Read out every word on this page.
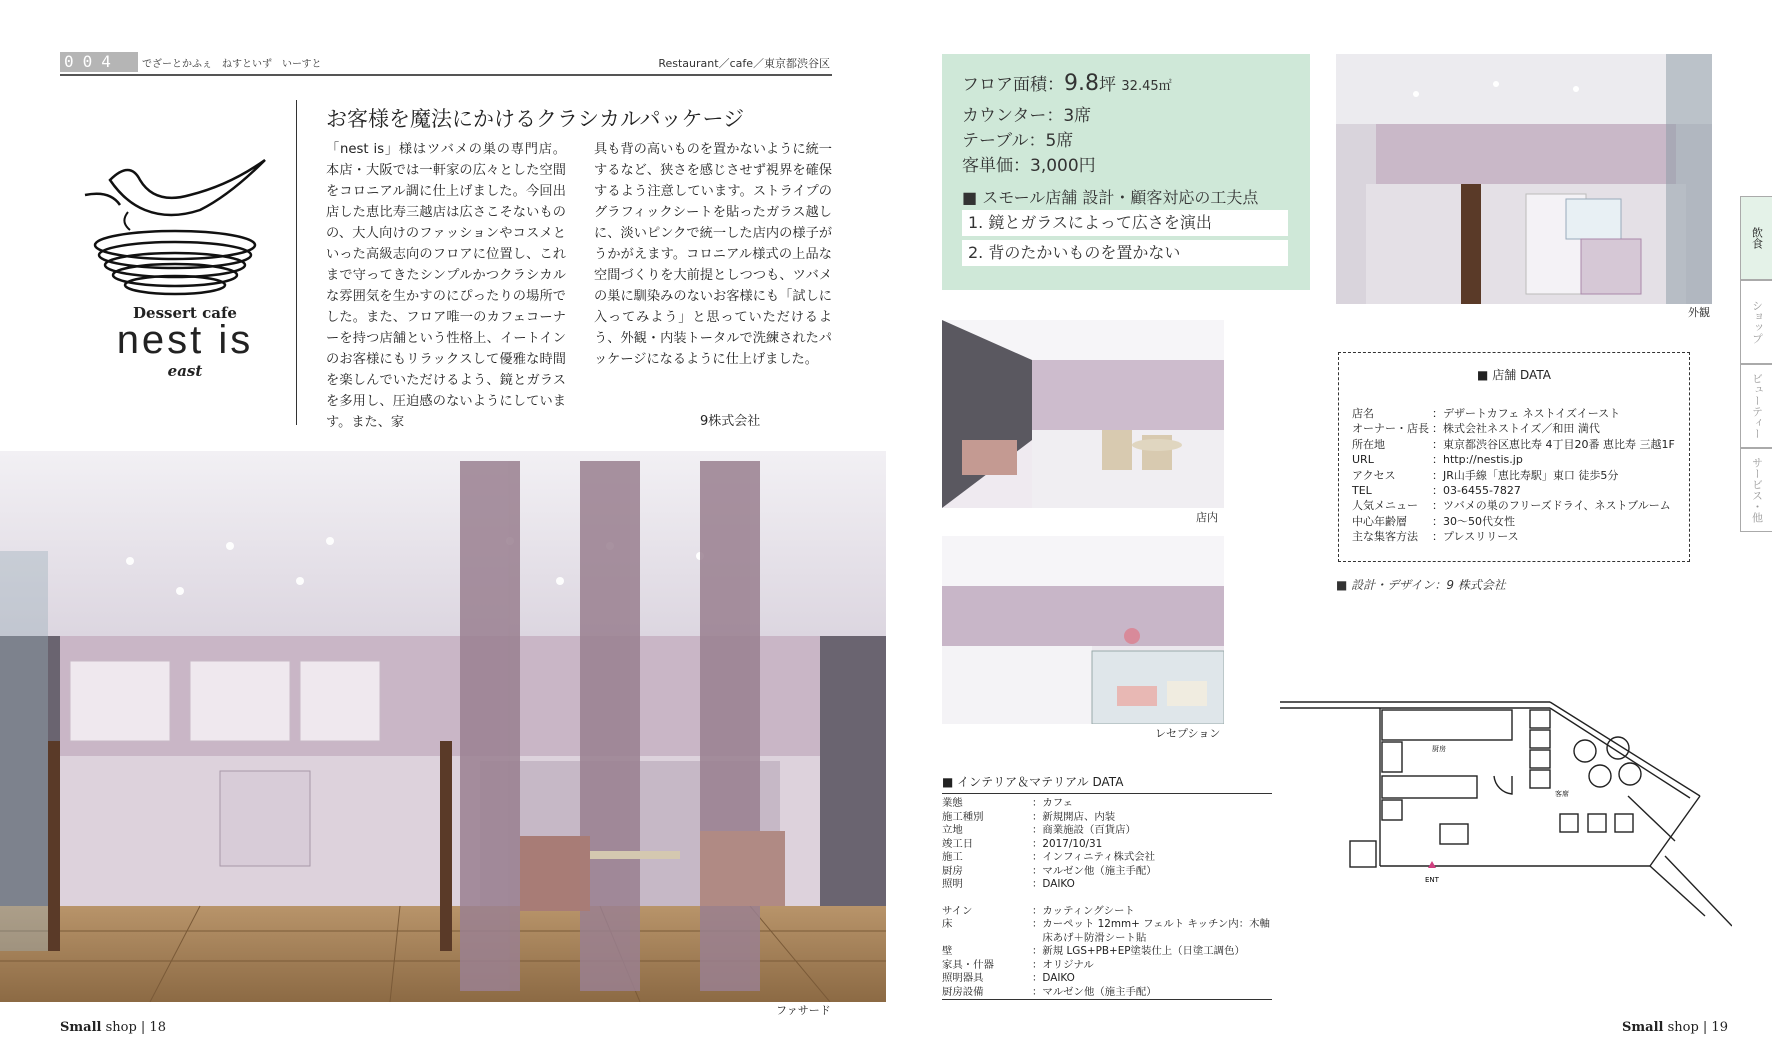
004	でざーとかふぇ　ねすといず　いーすと	Restaurant／cafe／東京都渋谷区
Dessert cafe
nest is
east
お客様を魔法にかけるクラシカルパッケージ
「nest is」様はツバメの巣の専門店。本店・大阪では一軒家の広々とした空間をコロニアル調に仕上げました。今回出店した恵比寿三越店は広さこそないものの、大人向けのファッションやコスメといった高級志向のフロアに位置し、これまで守ってきたシンプルかつクラシカルな雰囲気を生かすのにぴったりの場所でした。また、フロア唯一のカフェコーナーを持つ店舗という性格上、イートインのお客様にもリラックスして優雅な時間を楽しんでいただけるよう、鏡とガラスを多用し、圧迫感のないようにしています。また、家
具も背の高いものを置かないように統一するなど、狭さを感じさせず視界を確保するよう注意しています。ストライプのグラフィックシートを貼ったガラス越しに、淡いピンクで統一した店内の様子がうかがえます。コロニアル様式の上品な空間づくりを大前提としつつも、ツバメの巣に馴染みのないお客様にも「試しに入ってみよう」と思っていただけるよう、外観・内装トータルで洗練されたパッケージになるように仕上げました。
9株式会社
ファサード
Small shop | 18
フロア面積：9.8坪 32.45㎡
カウンター：3席
テーブル：5席
客単価：3,000円
■ スモール店舗 設計・顧客対応の工夫点
1. 鏡とガラスによって広さを演出
2. 背のたかいものを置かない
外観
店内
レセプション
■ 店舗 DATA
店名	：デザートカフェ ネストイズイースト
オーナー・店長	：株式会社ネストイズ／和田 満代
所在地	：東京都渋谷区恵比寿 4丁目20番 恵比寿 三越1F
URL	：http://nestis.jp
アクセス	：JR山手線「恵比寿駅」東口 徒歩5分
TEL	：03-6455-7827
人気メニュー	：ツバメの巣のフリーズドライ、ネストブルーム
中心年齢層	：30～50代女性
主な集客方法	：プレスリリース
■ 設計・デザイン：9 株式会社
■ インテリア＆マテリアル DATA
業態	：カフェ
施工種別	：新規開店、内装
立地	：商業施設（百貨店）
竣工日	：2017/10/31
施工	：インフィニティ株式会社
厨房	：マルゼン他（施主手配）
照明	：DAIKO

サイン	：カッティングシート
床	：カーペット 12mm+ フェルト キッチン内：木軸
	　床あげ＋防滑シート貼
壁	：新規 LGS+PB+EP塗装仕上（日塗工調色）
家具・什器	：オリジナル
照明器具	：DAIKO
厨房設備	：マルゼン他（施主手配）
厨房
客席
ENT
飲食
ショップ
ビューティー
サービス・他
Small shop | 19
